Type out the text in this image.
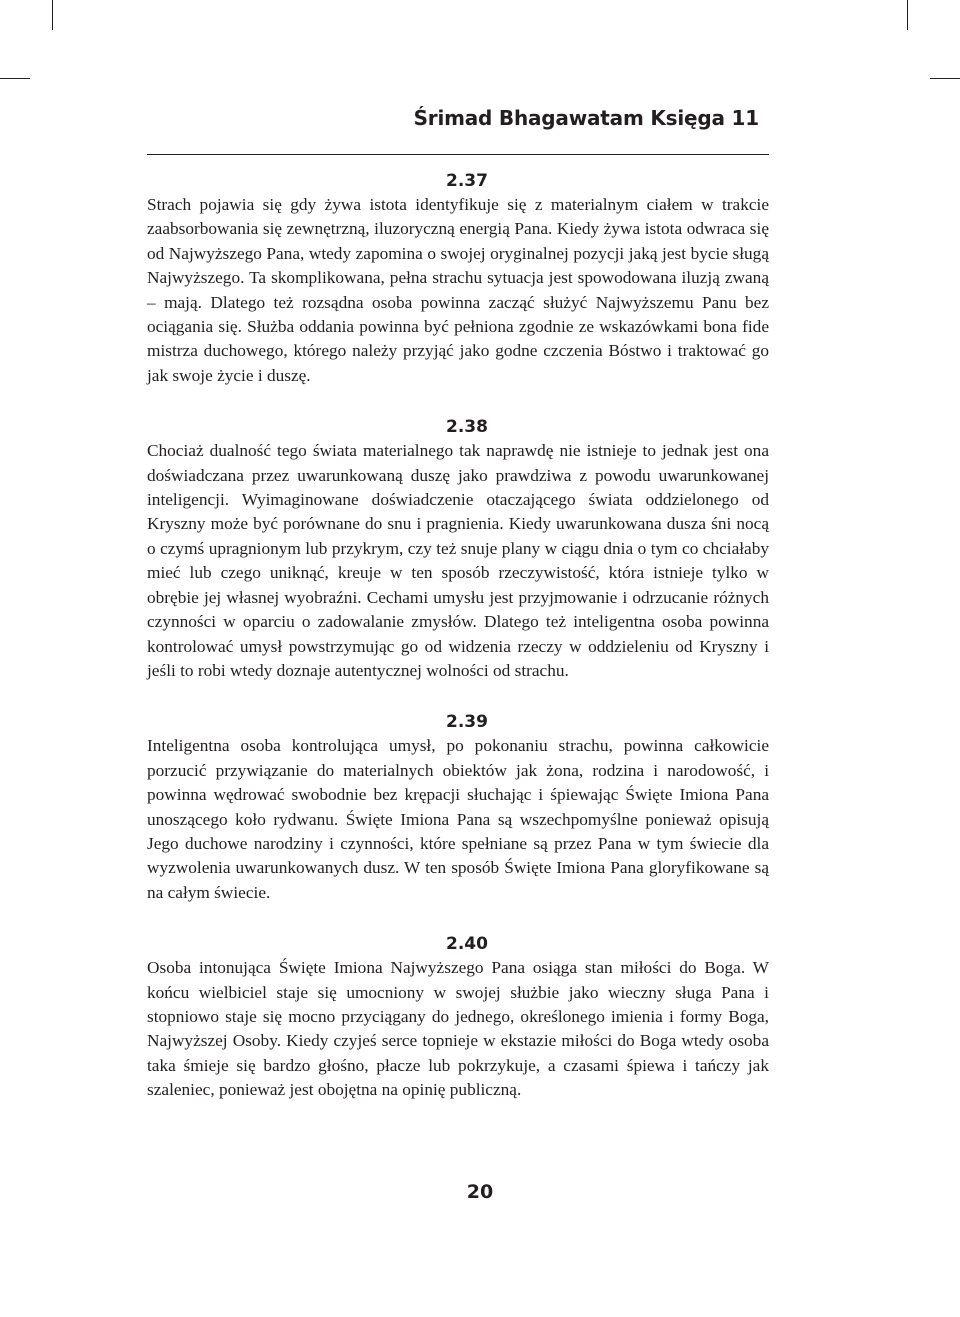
Śrimad Bhagawatam Księga 11
2.37

Strach pojawia się gdy żywa istota identyfikuje się z materialnym ciałem w trakcie zaabsorbowania się zewnętrzną, iluzoryczną energią Pana. Kiedy żywa istota odwraca się od Najwyższego Pana, wtedy zapomina o swojej oryginalnej pozycji jaką jest bycie sługą Najwyższego. Ta skomplikowana, pełna strachu sytuacja jest spowodowana iluzją zwaną – mają. Dlatego też rozsądna osoba powinna zacząć służyć Najwyższemu Panu bez ociągania się. Służba oddania powinna być pełniona zgodnie ze wskazówkami bona fide mistrza duchowego, którego należy przyjąć jako godne czczenia Bóstwo i traktować go jak swoje życie i duszę.

2.38

Chociaż dualność tego świata materialnego tak naprawdę nie istnieje to jednak jest ona doświadczana przez uwarunkowaną duszę jako prawdziwa z powodu uwarunkowanej inteligencji. Wyimaginowane doświadczenie otaczającego świata oddzielonego od Kryszny może być porównane do snu i pragnienia. Kiedy uwarunkowana dusza śni nocą o czymś upragnionym lub przykrym, czy też snuje plany w ciągu dnia o tym co chciałaby mieć lub czego uniknąć, kreuje w ten sposób rzeczywistość, która istnieje tylko w obrębie jej własnej wyobraźni. Cechami umysłu jest przyjmowanie i odrzucanie różnych czynności w oparciu o zadowalanie zmysłów. Dlatego też inteligentna osoba powinna kontrolować umysł powstrzymując go od widzenia rzeczy w oddzieleniu od Kryszny i jeśli to robi wtedy doznaje autentycznej wolności od strachu.

2.39

Inteligentna osoba kontrolująca umysł, po pokonaniu strachu, powinna całkowicie porzucić przywiązanie do materialnych obiektów jak żona, rodzina i narodowość, i powinna wędrować swobodnie bez krępacji słuchając i śpiewając Święte Imiona Pana unoszącego koło rydwanu. Święte Imiona Pana są wszechpomyślne ponieważ opisują Jego duchowe narodziny i czynności, które spełniane są przez Pana w tym świecie dla wyzwolenia uwarunkowanych dusz. W ten sposób Święte Imiona Pana gloryfikowane są na całym świecie.

2.40

Osoba intonująca Święte Imiona Najwyższego Pana osiąga stan miłości do Boga. W końcu wielbiciel staje się umocniony w swojej służbie jako wieczny sługa Pana i stopniowo staje się mocno przyciągany do jednego, określonego imienia i formy Boga, Najwyższej Osoby. Kiedy czyjeś serce topnieje w ekstazie miłości do Boga wtedy osoba taka śmieje się bardzo głośno, płacze lub pokrzykuje, a czasami śpiewa i tańczy jak szaleniec, ponieważ jest obojętna na opinię publiczną.

20
